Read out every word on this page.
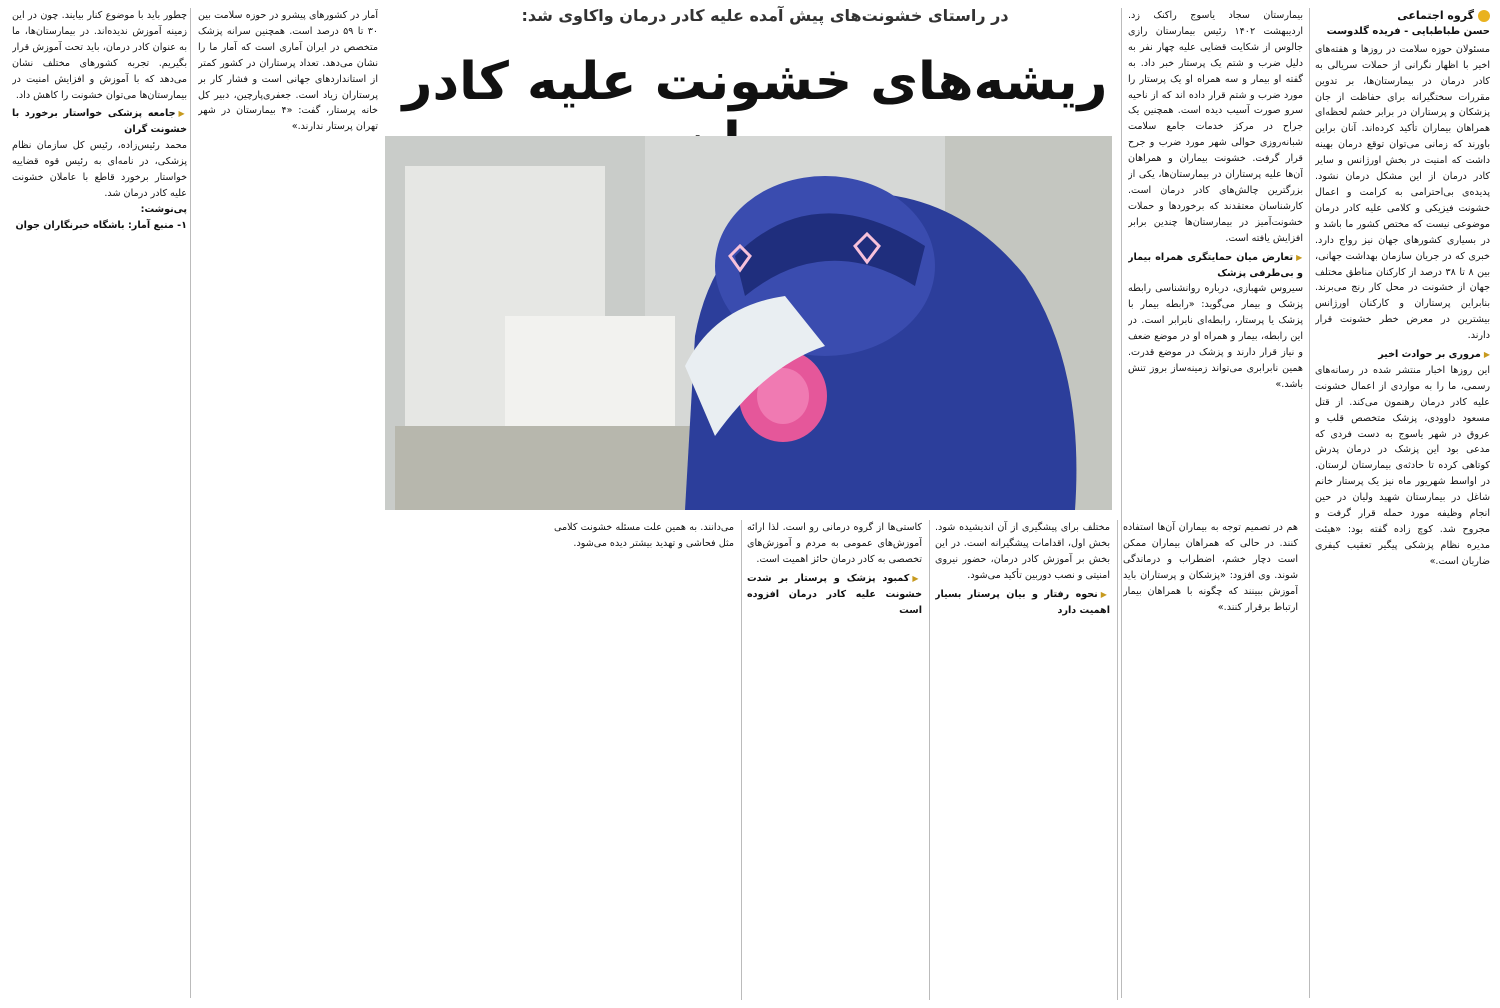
گروه اجتماعی
حسن طباطبایی - فریده گلدوست

مسئولان حوزه سلامت در روزها و هفته‌های اخیر با اظهار نگرانی از حملات سریالی به کادر درمان در بیمارستان‌ها، بر تدوین مقررات سختگیرانه برای حفاظت از جان پزشکان و پرستاران در برابر خشم لحظه‌ای همراهان بیماران تأکید کرده‌اند. آنان براین باورند که زمانی می‌توان توقع درمان بهینه داشت که امنیت در بخش اورژانس و سایر کادر درمان از این مشکل درمان نشود. پدیده‌ی بی‌احترامی به کرامت و اعمال خشونت فیزیکی و کلامی علیه کادر درمان موضوعی نیست که مختص کشور ما باشد و در بسیاری کشورهای جهان نیز رواج دارد. خبری که در جریان سازمان بهداشت جهانی، بین ۸ تا ۳۸ درصد از کارکنان مناطق مختلف جهان از خشونت در محل کار رنج می‌برند. بنابراین پرستاران و کارکنان اورژانس بیشترین در معرض خطر خشونت قرار دارند.

▶ مروری بر حوادث اخیر

این روزها اخبار منتشر شده در رسانه‌های رسمی، ما را به مواردی از اعمال خشونت علیه کادر درمان رهنمون می‌کند. از قتل مسعود داوودی، پزشک متخصص قلب و عروق در شهر یاسوج به دست فردی که مدعی بود این پزشک در درمان پدرش کوتاهی کرده تا حادثه‌ی بیمارستان لرستان. در اواسط شهریور ماه نیز یک پرستار خانم شاغل در بیمارستان شهید ولیان در حین انجام وظیفه مورد حمله قرار گرفت و مجروح شد. کوچ زاده گفته بود: «هیئت مدیره نظام پزشکی پیگیر تعقیب کیفری ضاربان است.»

بیمارستان سجاد یاسوج راکنک زد. اردیبهشت ۱۴۰۲ رئیس بیمارستان رازی جالوس از شکایت قضایی علیه چهار نفر به دلیل ضرب و شتم یک پرستار خبر داد. به گفته او بیمار و سه همراه او یک پرستار را مورد ضرب و شتم قرار داده اند که از ناحیه سرو صورت آسیب دیده است. همچنین یک جراح در مرکز خدمات جامع سلامت شبانه‌روزی حوالی شهر مورد ضرب و جرح قرار گرفت. خشونت بیماران و همراهان آن‌ها علیه پرستاران در بیمارستان‌ها، یکی از بزرگترین چالش‌های کادر درمان است. کارشناسان معتقدند که برخوردها و حملات خشونت‌آمیز در بیمارستان‌ها چندین برابر افزایش یافته است.

▶ تعارض میان حمایتگری همراه بیمار و بی‌طرفی پزشک

سیروس شهبازی، درباره روانشناسی رابطه پزشک و بیمار می‌گوید: «رابطه بیمار با پزشک یا پرستار، رابطه‌ای نابرابر است. در این رابطه، بیمار و همراه او در موضع ضعف و نیاز قرار دارند و پزشک در موضع قدرت. همین نابرابری می‌تواند زمینه‌ساز بروز تنش باشد.»

در راستای خشونت‌های پیش آمده علیه کادر درمان واکاوی شد:
ریشه‌های خشونت علیه کادر

هم در تصمیم توجه به بیماران آن‌ها استفاده کنند. در حالی که همراهان بیماران ممکن است دچار خشم، اضطراب و درماندگی شوند. وی افزود: «پزشکان و پرستاران باید آموزش ببینند که چگونه با همراهان بیمار ارتباط برقرار کنند.»

مختلف برای پیشگیری از آن اندیشیده شود. بخش اول، اقدامات پیشگیرانه است. در این بخش بر آموزش کادر درمان، حضور نیروی امنیتی و نصب دوربین تأکید می‌شود.

▶ نحوه رفتار و بیان پرستار بسیار اهمیت دارد

کاستی‌ها از گروه درمانی رو است. لذا ارائه آموزش‌های عمومی به مردم و آموزش‌های تخصصی به کادر درمان حائز اهمیت است.

▶ کمبود پزشک و پرستار بر شدت خشونت علیه کادر درمان افزوده است

می‌دانند. به همین علت مسئله خشونت کلامی مثل فحاشی و تهدید بیشتر دیده می‌شود.

آمار در کشورهای پیشرو در حوزه سلامت بین ۳۰ تا ۵۹ درصد است. همچنین سرانه پزشک متخصص در ایران آماری است که آمار ما را نشان می‌دهد. تعداد پرستاران در کشور کمتر از استانداردهای جهانی است و فشار کار بر پرستاران زیاد است. جعفری‌پارچین، دبیر کل خانه پرستار، گفت: «۴ بیمارستان در شهر تهران پرستار ندارند.»

چطور باید با موضوع کنار بیایند. چون در این زمینه آموزش ندیده‌اند. در بیمارستان‌ها، ما به عنوان کادر درمان، باید تحت آموزش قرار بگیریم. تجربه کشورهای مختلف نشان می‌دهد که با آموزش و افزایش امنیت در بیمارستان‌ها می‌توان خشونت را کاهش داد.

▶ جامعه پزشکی خواستار برخورد با خشونت گران

محمد رئیس‌زاده، رئیس کل سازمان نظام پزشکی، در نامه‌ای به رئیس قوه قضاییه خواستار برخورد قاطع با عاملان خشونت علیه کادر درمان شد.

پی‌نوشت:

۱- منبع آمار: باشگاه خبرنگاران جوان
